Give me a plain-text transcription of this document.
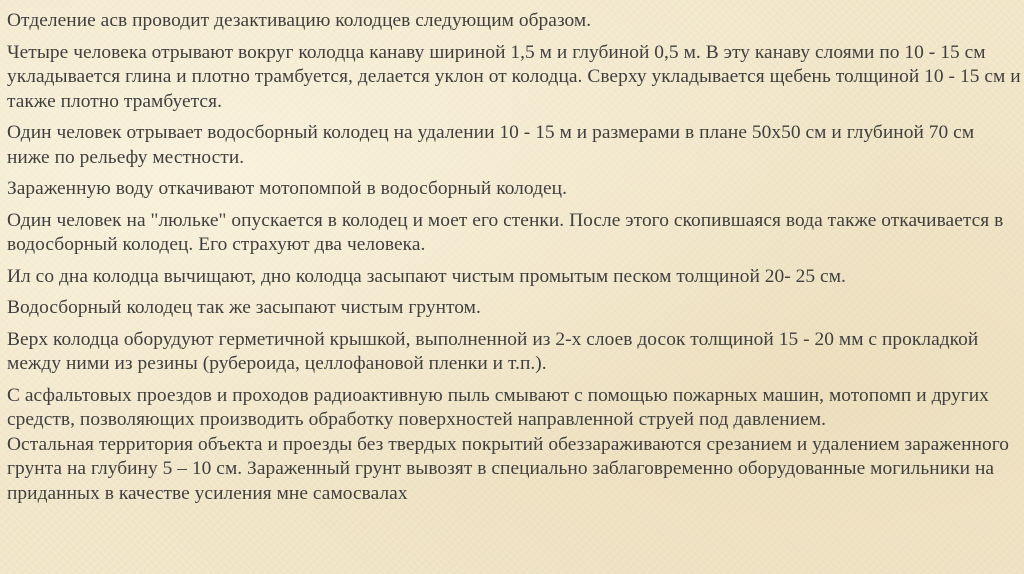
Отделение асв проводит дезактивацию колодцев следующим образом.

Четыре человека отрывают вокруг колодца канаву шириной 1,5 м и глубиной 0,5 м. В эту канаву слоями по 10 - 15 см укладывается глина и плотно трамбуется, делается уклон от колодца. Сверху укладывается щебень толщиной 10 - 15 см и также плотно трамбуется.

Один человек отрывает водосборный колодец на удалении 10 - 15 м и размерами в плане 50х50 см и глубиной 70 см ниже по рельефу местности.

Зараженную воду откачивают мотопомпой в водосборный колодец.

Один человек на "люльке" опускается в колодец и моет его стенки. После этого скопившаяся вода также откачивается в водосборный колодец. Его страхуют два человека.

Ил со дна колодца вычищают, дно колодца засыпают чистым промытым песком толщиной 20- 25 см.

Водосборный колодец так же засыпают чистым грунтом.

Верх колодца оборудуют герметичной крышкой, выполненной из 2-х слоев досок толщиной 15 - 20 мм с прокладкой между ними из резины (рубероида, целлофановой пленки и т.п.).

С асфальтовых проездов и проходов радиоактивную пыль смывают с помощью пожарных машин, мотопомп и других средств, позволяющих производить обработку поверхностей направленной струей под давлением.

Остальная территория объекта и проезды без твердых покрытий обеззараживаются срезанием и удалением зараженного грунта на глубину 5 – 10 см. Зараженный грунт вывозят в специально заблаговременно оборудованные могильники на приданных в качестве усиления мне самосвалах
